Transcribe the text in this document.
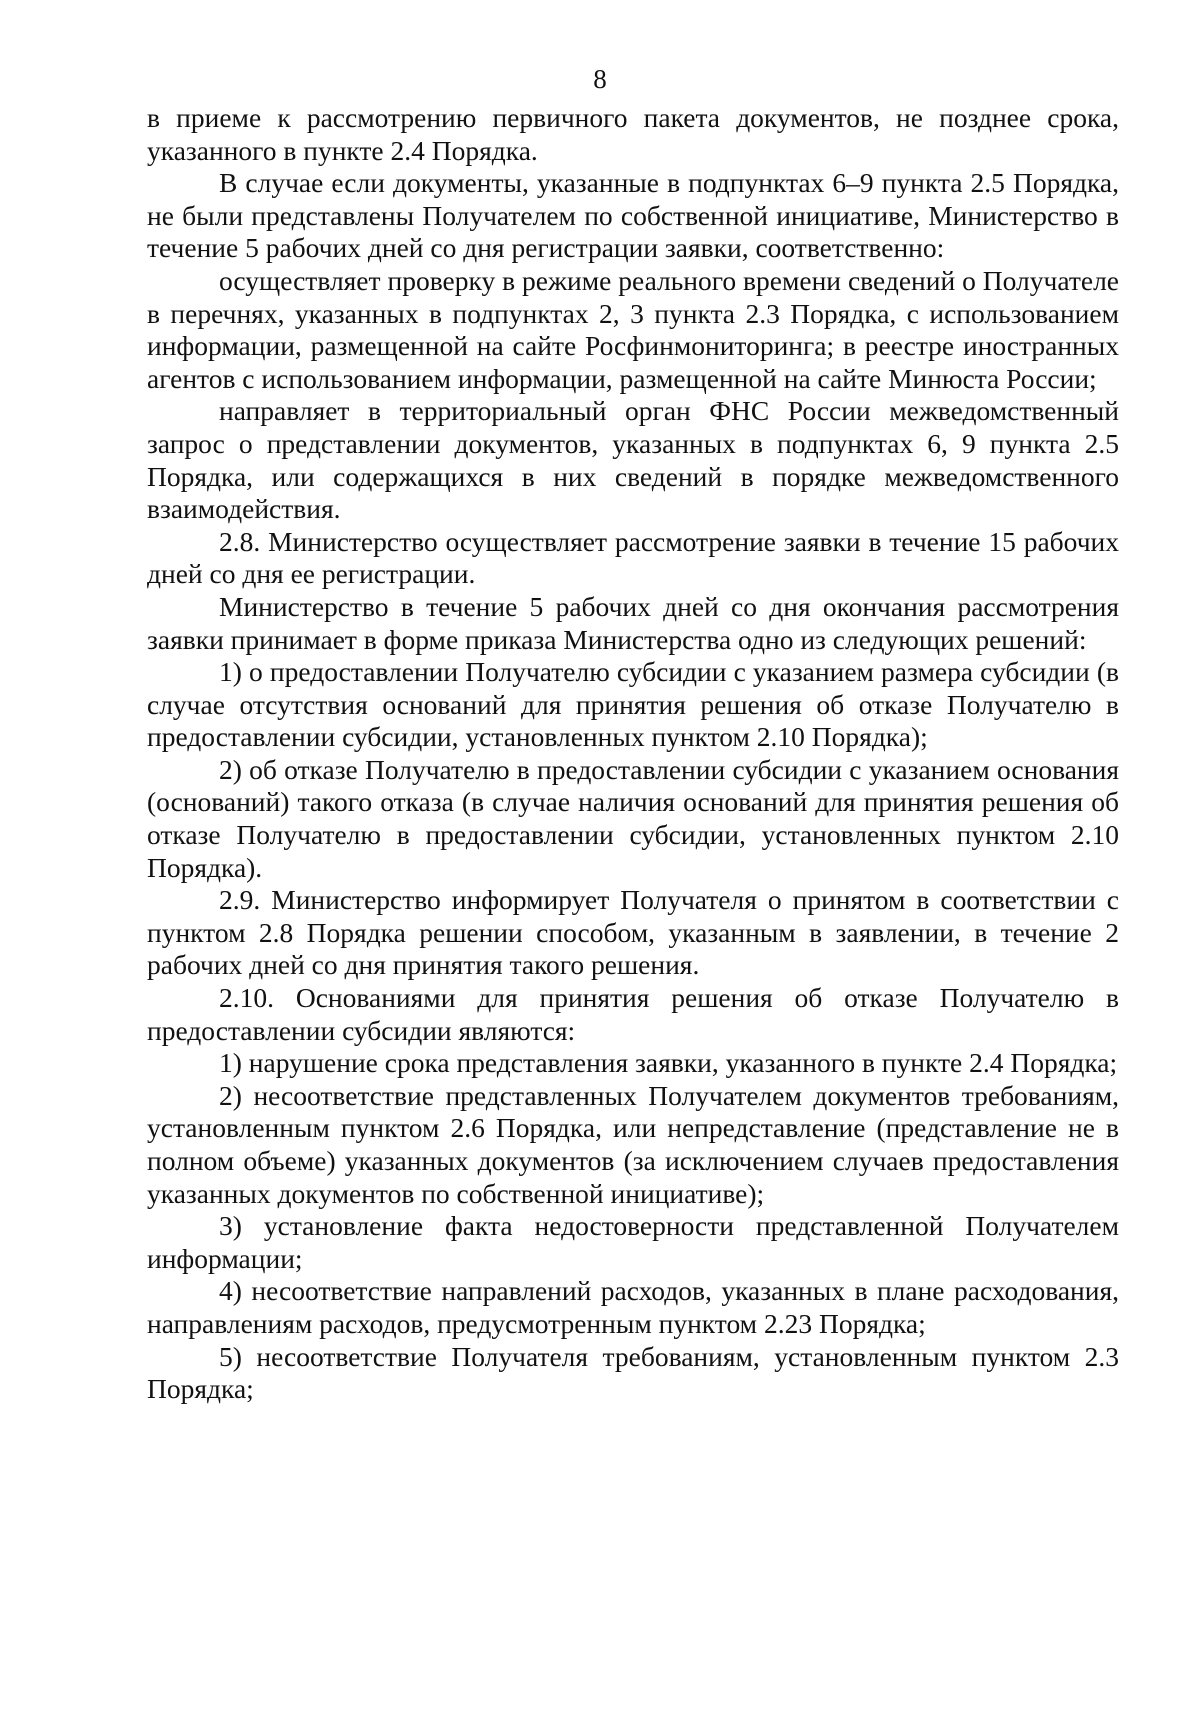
8

в приеме к рассмотрению первичного пакета документов, не позднее срока, указанного в пункте 2.4 Порядка.

В случае если документы, указанные в подпунктах 6–9 пункта 2.5 Порядка, не были представлены Получателем по собственной инициативе, Министерство в течение 5 рабочих дней со дня регистрации заявки, соответственно:

осуществляет проверку в режиме реального времени сведений о Получателе в перечнях, указанных в подпунктах 2, 3 пункта 2.3 Порядка, с использованием информации, размещенной на сайте Росфинмониторинга; в реестре иностранных агентов с использованием информации, размещенной на сайте Минюста России;

направляет в территориальный орган ФНС России межведомственный запрос о представлении документов, указанных в подпунктах 6, 9 пункта 2.5 Порядка, или содержащихся в них сведений в порядке межведомственного взаимодействия.

2.8. Министерство осуществляет рассмотрение заявки в течение 15 рабочих дней со дня ее регистрации.

Министерство в течение 5 рабочих дней со дня окончания рассмотрения заявки принимает в форме приказа Министерства одно из следующих решений:

1) о предоставлении Получателю субсидии с указанием размера субсидии (в случае отсутствия оснований для принятия решения об отказе Получателю в предоставлении субсидии, установленных пунктом 2.10 Порядка);

2) об отказе Получателю в предоставлении субсидии с указанием основания (оснований) такого отказа (в случае наличия оснований для принятия решения об отказе Получателю в предоставлении субсидии, установленных пунктом 2.10 Порядка).

2.9. Министерство информирует Получателя о принятом в соответствии с пунктом 2.8 Порядка решении способом, указанным в заявлении, в течение 2 рабочих дней со дня принятия такого решения.

2.10. Основаниями для принятия решения об отказе Получателю в предоставлении субсидии являются:

1) нарушение срока представления заявки, указанного в пункте 2.4 Порядка;

2) несоответствие представленных Получателем документов требованиям, установленным пунктом 2.6 Порядка, или непредставление (представление не в полном объеме) указанных документов (за исключением случаев предоставления указанных документов по собственной инициативе);

3) установление факта недостоверности представленной Получателем информации;

4) несоответствие направлений расходов, указанных в плане расходования, направлениям расходов, предусмотренным пунктом 2.23 Порядка;

5) несоответствие Получателя требованиям, установленным пунктом 2.3 Порядка;
